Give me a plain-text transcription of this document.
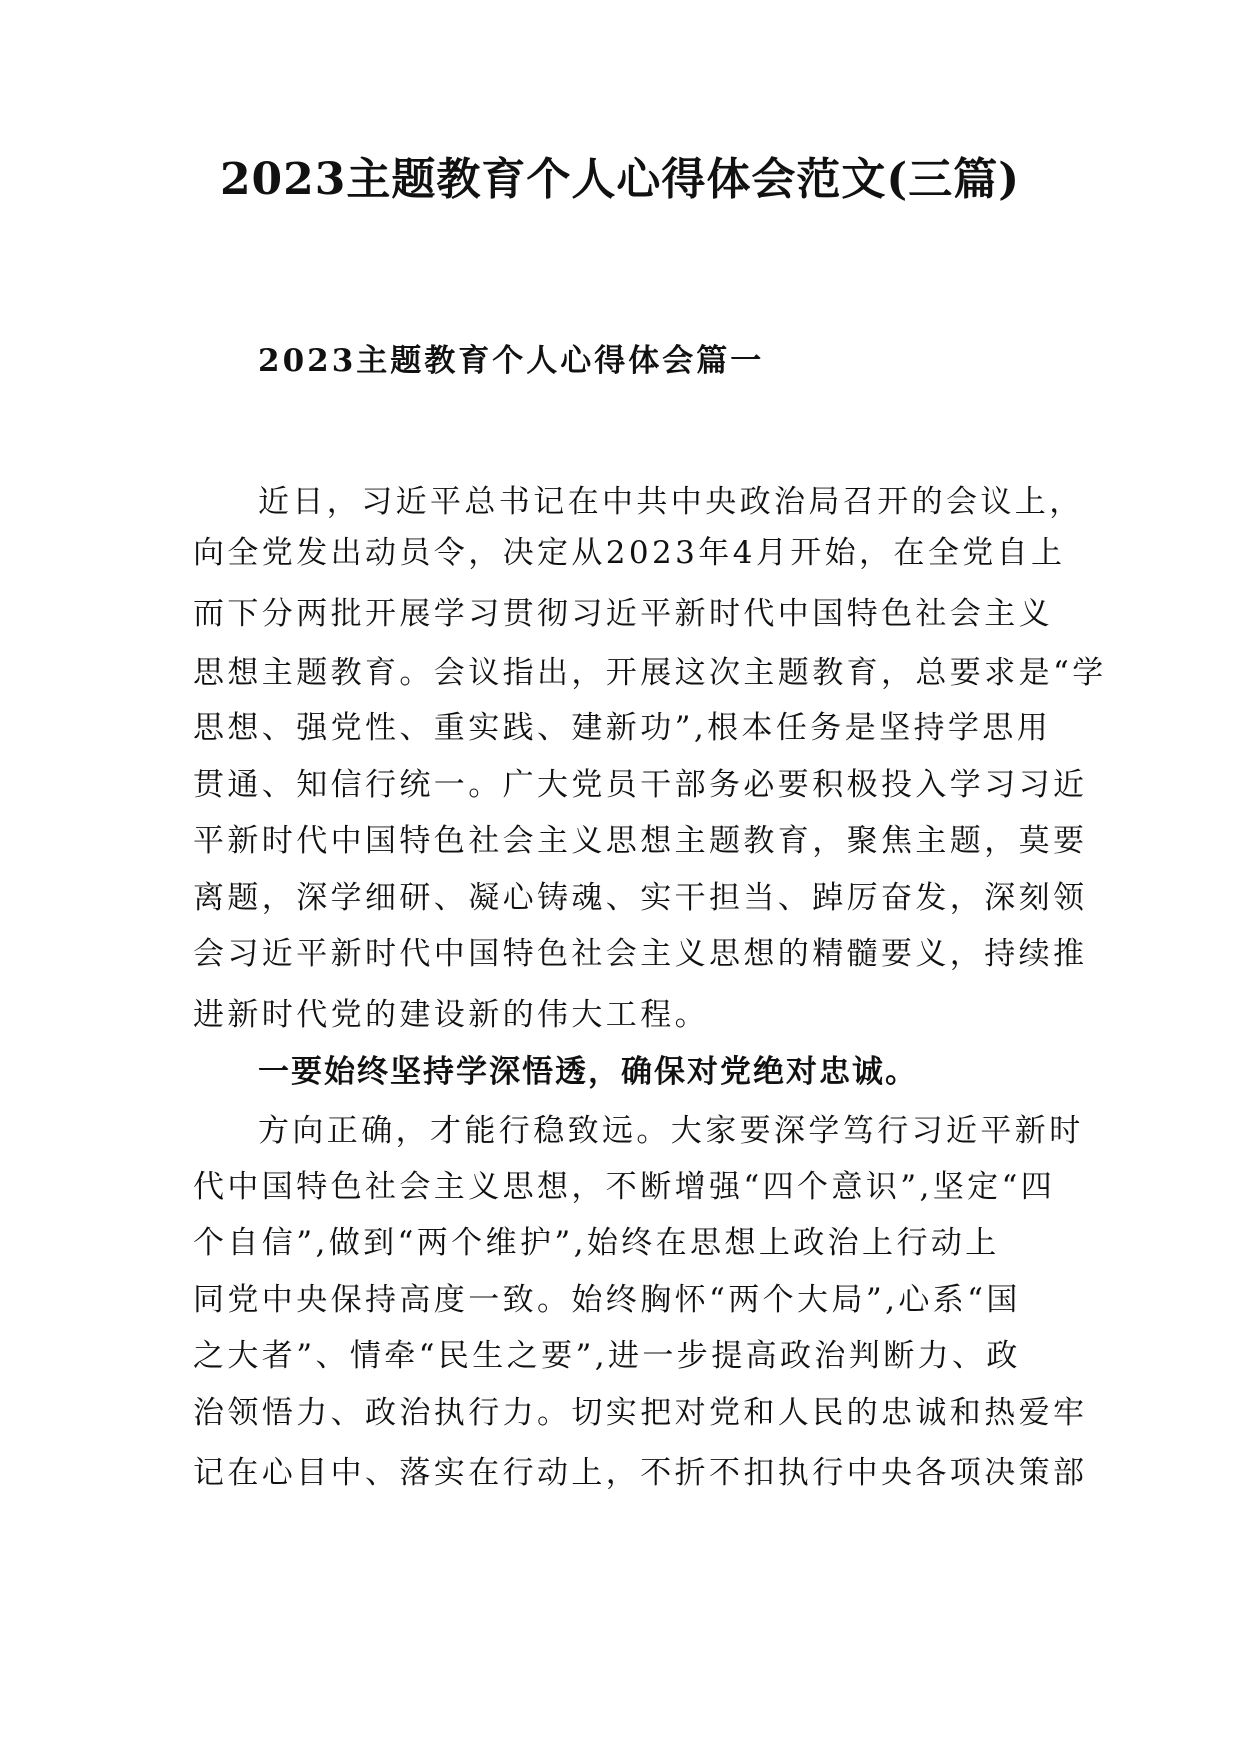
2023主题教育个人心得体会范文(三篇)
2023主题教育个人心得体会篇一
近日，习近平总书记在中共中央政治局召开的会议上，
向全党发出动员令，决定从2023年4月开始，在全党自上
而下分两批开展学习贯彻习近平新时代中国特色社会主义
思想主题教育。会议指出，开展这次主题教育，总要求是“学
思想、强党性、重实践、建新功”,根本任务是坚持学思用
贯通、知信行统一。广大党员干部务必要积极投入学习习近
平新时代中国特色社会主义思想主题教育，聚焦主题，莫要
离题，深学细研、凝心铸魂、实干担当、踔厉奋发，深刻领
会习近平新时代中国特色社会主义思想的精髓要义，持续推
进新时代党的建设新的伟大工程。
一要始终坚持学深悟透，确保对党绝对忠诚。
方向正确，才能行稳致远。大家要深学笃行习近平新时
代中国特色社会主义思想，不断增强“四个意识”,坚定“四
个自信”,做到“两个维护”,始终在思想上政治上行动上
同党中央保持高度一致。始终胸怀“两个大局”,心系“国
之大者”、情牵“民生之要”,进一步提高政治判断力、政
治领悟力、政治执行力。切实把对党和人民的忠诚和热爱牢
记在心目中、落实在行动上，不折不扣执行中央各项决策部
